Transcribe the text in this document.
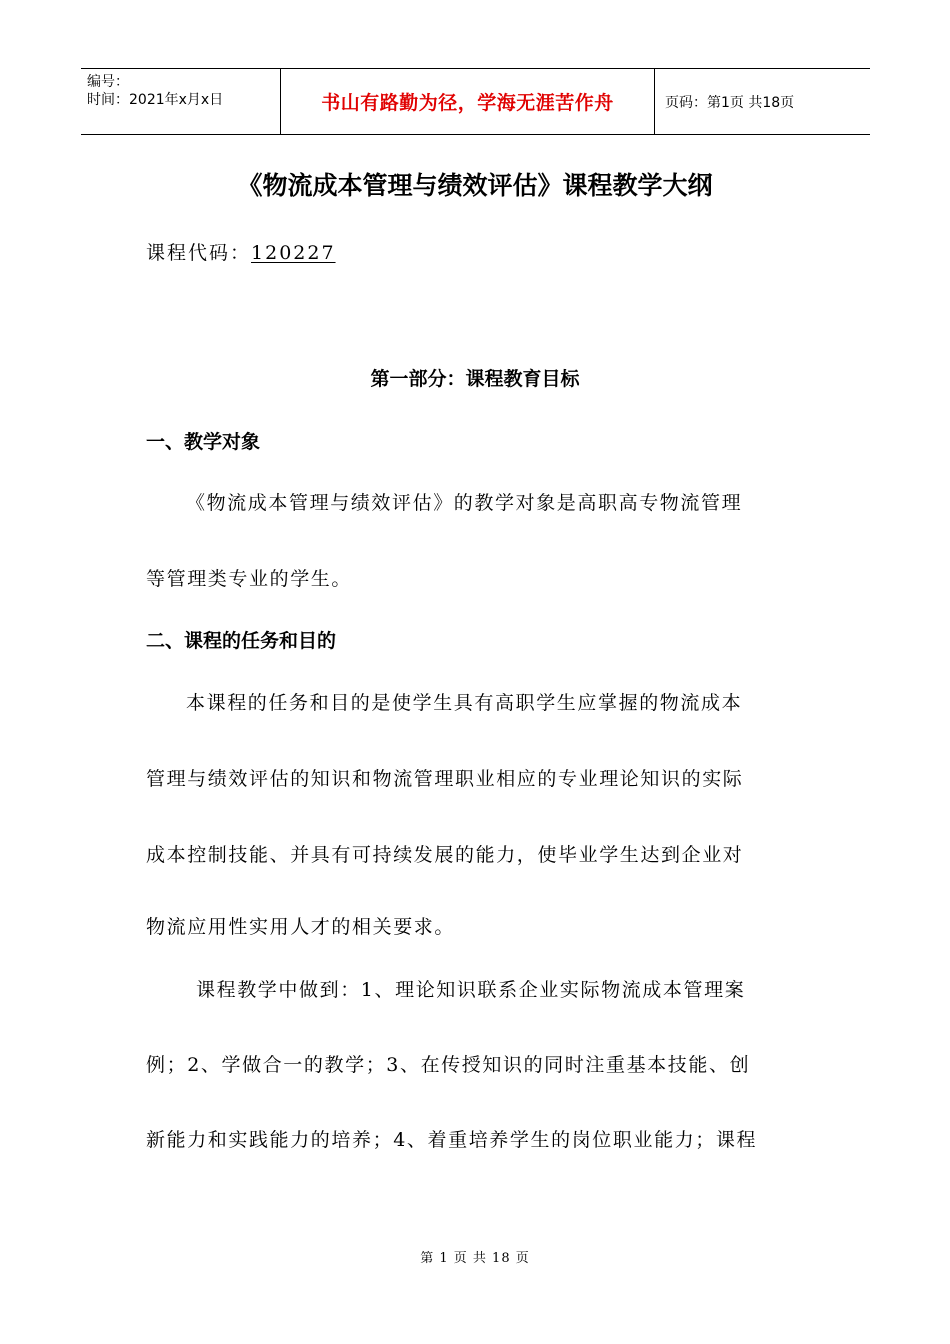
编号：
时间：2021年x月x日	书山有路勤为径，学海无涯苦作舟	页码：第1页 共18页
《物流成本管理与绩效评估》课程教学大纲
课程代码：120227
第一部分：课程教育目标
一、教学对象
《物流成本管理与绩效评估》的教学对象是高职高专物流管理
等管理类专业的学生。
二、课程的任务和目的
本课程的任务和目的是使学生具有高职学生应掌握的物流成本
管理与绩效评估的知识和物流管理职业相应的专业理论知识的实际
成本控制技能、并具有可持续发展的能力，使毕业学生达到企业对
物流应用性实用人才的相关要求。
课程教学中做到：1、理论知识联系企业实际物流成本管理案
例；2、学做合一的教学；3、在传授知识的同时注重基本技能、创
新能力和实践能力的培养；4、着重培养学生的岗位职业能力；课程
第 1 页 共 18 页
